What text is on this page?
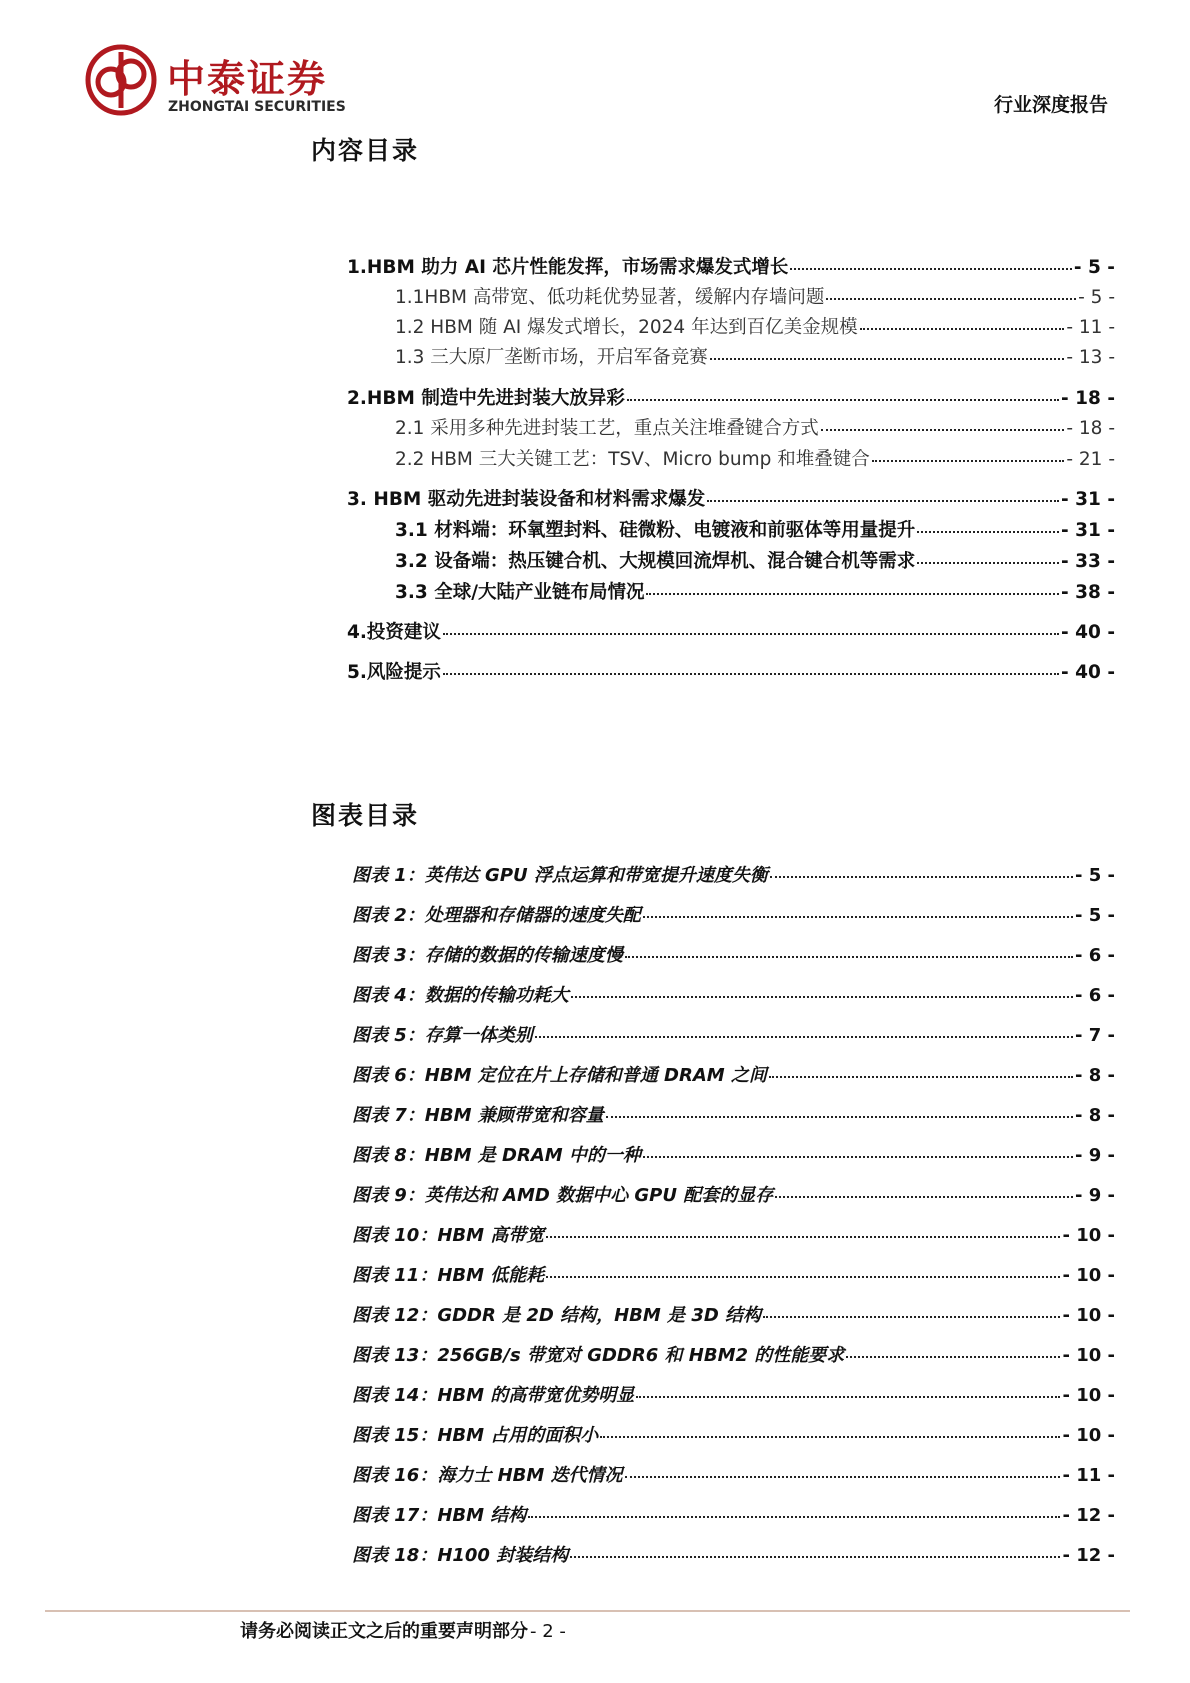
中泰证券
ZHONGTAI SECURITIES	行业深度报告
内容目录
1.HBM 助力 AI 芯片性能发挥，市场需求爆发式增长	- 5 -
1.1HBM 高带宽、低功耗优势显著，缓解内存墙问题	- 5 -
1.2 HBM 随 AI 爆发式增长，2024 年达到百亿美金规模	- 11 -
1.3 三大原厂垄断市场，开启军备竞赛	- 13 -
2.HBM 制造中先进封装大放异彩	- 18 -
2.1 采用多种先进封装工艺，重点关注堆叠键合方式	- 18 -
2.2 HBM 三大关键工艺：TSV、Micro bump 和堆叠键合	- 21 -
3. HBM 驱动先进封装设备和材料需求爆发	- 31 -
3.1 材料端：环氧塑封料、硅微粉、电镀液和前驱体等用量提升	- 31 -
3.2 设备端：热压键合机、大规模回流焊机、混合键合机等需求	- 33 -
3.3 全球/大陆产业链布局情况	- 38 -
4.投资建议	- 40 -
5.风险提示	- 40 -
图表目录
图表 1：英伟达 GPU 浮点运算和带宽提升速度失衡	- 5 -
图表 2：处理器和存储器的速度失配	- 5 -
图表 3：存储的数据的传输速度慢	- 6 -
图表 4：数据的传输功耗大	- 6 -
图表 5：存算一体类别	- 7 -
图表 6：HBM 定位在片上存储和普通 DRAM 之间	- 8 -
图表 7：HBM 兼顾带宽和容量	- 8 -
图表 8：HBM 是 DRAM 中的一种	- 9 -
图表 9：英伟达和 AMD 数据中心 GPU 配套的显存	- 9 -
图表 10：HBM 高带宽	- 10 -
图表 11：HBM 低能耗	- 10 -
图表 12：GDDR 是 2D 结构，HBM 是 3D 结构	- 10 -
图表 13：256GB/s 带宽对 GDDR6 和 HBM2 的性能要求	- 10 -
图表 14：HBM 的高带宽优势明显	- 10 -
图表 15：HBM 占用的面积小	- 10 -
图表 16：海力士 HBM 迭代情况	- 11 -
图表 17：HBM 结构	- 12 -
图表 18：H100 封装结构	- 12 -
请务必阅读正文之后的重要声明部分 - 2 -
